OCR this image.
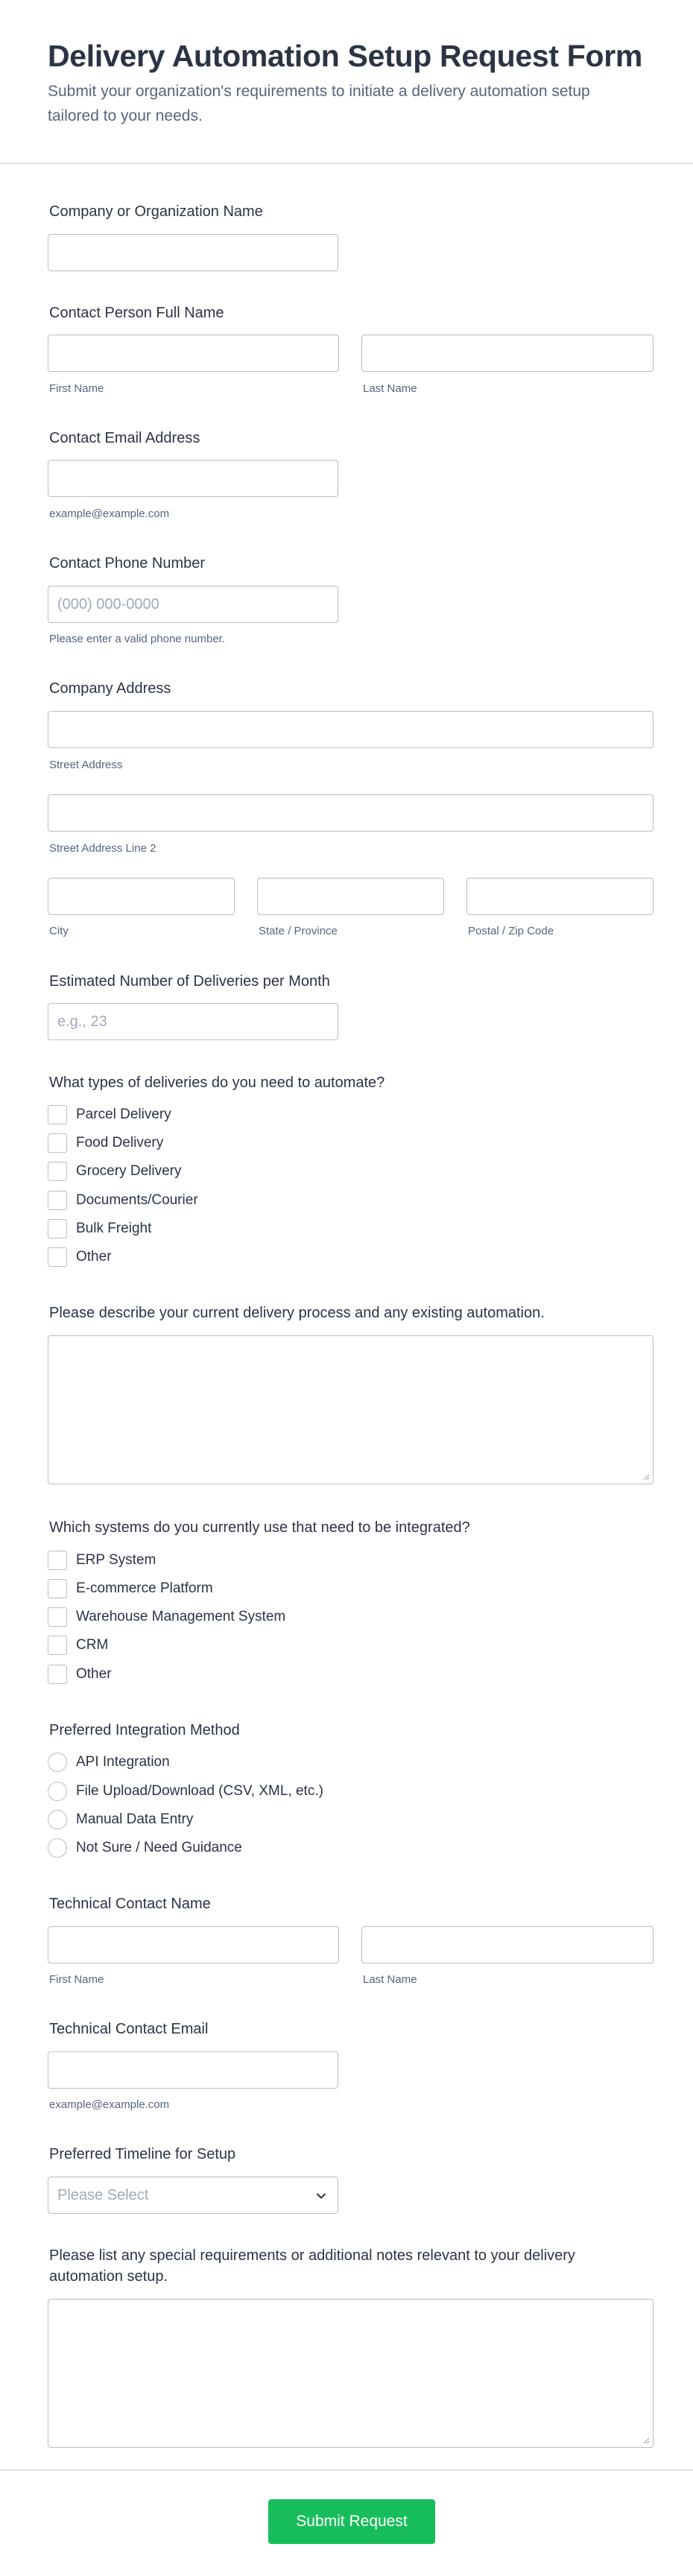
Delivery Automation Setup Request Form

Submit your organization's requirements to initiate a delivery automation setup tailored to your needs.

Company or Organization Name
Contact Person Full Name
First Name	Last Name
Contact Email Address
example@example.com
Contact Phone Number
(000) 000-0000
Please enter a valid phone number.
Company Address
Street Address
Street Address Line 2
City	State / Province	Postal / Zip Code
Estimated Number of Deliveries per Month
e.g., 23
What types of deliveries do you need to automate?
Parcel Delivery
Food Delivery
Grocery Delivery
Documents/Courier
Bulk Freight
Other
Please describe your current delivery process and any existing automation.
Which systems do you currently use that need to be integrated?
ERP System
E-commerce Platform
Warehouse Management System
CRM
Other
Preferred Integration Method
API Integration
File Upload/Download (CSV, XML, etc.)
Manual Data Entry
Not Sure / Need Guidance
Technical Contact Name
First Name	Last Name
Technical Contact Email
example@example.com
Preferred Timeline for Setup
Please Select
Please list any special requirements or additional notes relevant to your delivery automation setup.
Submit Request
